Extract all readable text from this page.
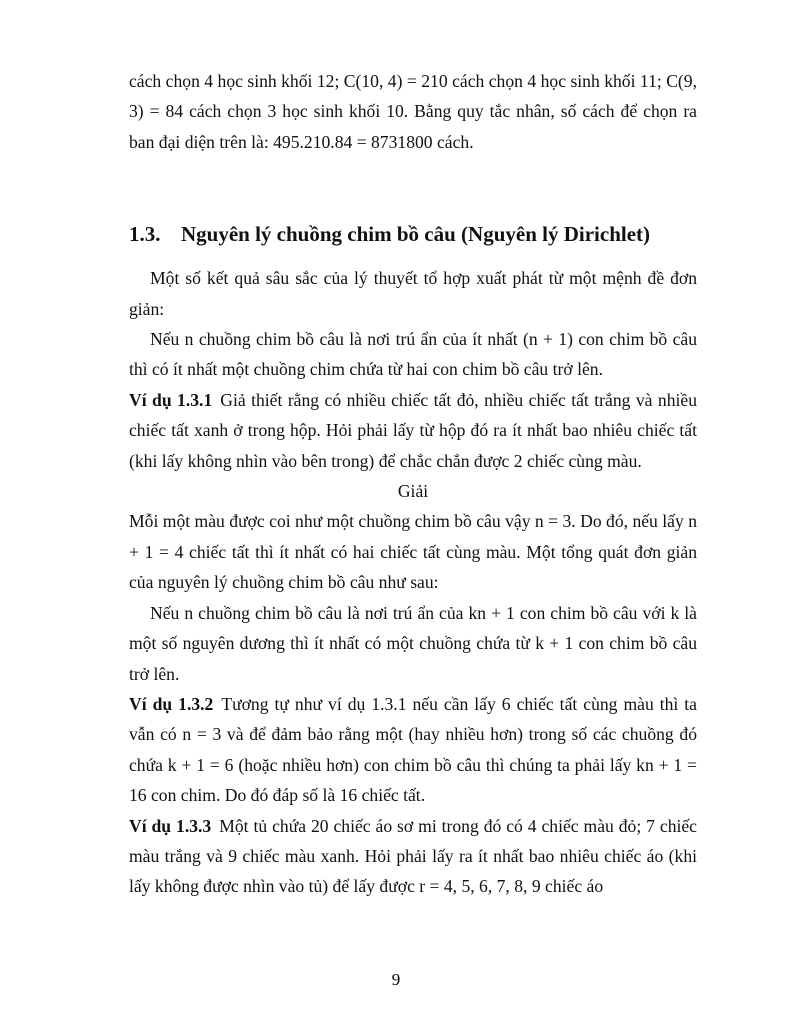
cách chọn 4 học sinh khối 12; C(10, 4) = 210 cách chọn 4 học sinh khối 11; C(9, 3) = 84 cách chọn 3 học sinh khối 10. Bằng quy tắc nhân, số cách để chọn ra ban đại diện trên là: 495.210.84 = 8731800 cách.

1.3. Nguyên lý chuồng chim bồ câu (Nguyên lý Dirichlet)

Một số kết quả sâu sắc của lý thuyết tổ hợp xuất phát từ một mệnh đề đơn giản:

Nếu n chuồng chim bồ câu là nơi trú ẩn của ít nhất (n + 1) con chim bồ câu thì có ít nhất một chuồng chim chứa từ hai con chim bồ câu trở lên.

Ví dụ 1.3.1 Giả thiết rằng có nhiều chiếc tất đỏ, nhiều chiếc tất trắng và nhiều chiếc tất xanh ở trong hộp. Hỏi phải lấy từ hộp đó ra ít nhất bao nhiêu chiếc tất (khi lấy không nhìn vào bên trong) để chắc chắn được 2 chiếc cùng màu.

Giải

Mỗi một màu được coi như một chuồng chim bồ câu vậy n = 3. Do đó, nếu lấy n + 1 = 4 chiếc tất thì ít nhất có hai chiếc tất cùng màu. Một tổng quát đơn giản của nguyên lý chuồng chim bồ câu như sau:

Nếu n chuồng chim bồ câu là nơi trú ẩn của kn + 1 con chim bồ câu với k là một số nguyên dương thì ít nhất có một chuồng chứa từ k + 1 con chim bồ câu trở lên.

Ví dụ 1.3.2 Tương tự như ví dụ 1.3.1 nếu cần lấy 6 chiếc tất cùng màu thì ta vẫn có n = 3 và để đảm bảo rằng một (hay nhiều hơn) trong số các chuồng đó chứa k + 1 = 6 (hoặc nhiều hơn) con chim bồ câu thì chúng ta phải lấy kn + 1 = 16 con chim. Do đó đáp số là 16 chiếc tất.

Ví dụ 1.3.3 Một tủ chứa 20 chiếc áo sơ mi trong đó có 4 chiếc màu đỏ; 7 chiếc màu trắng và 9 chiếc màu xanh. Hỏi phải lấy ra ít nhất bao nhiêu chiếc áo (khi lấy không được nhìn vào tủ) để lấy được r = 4, 5, 6, 7, 8, 9 chiếc áo

9
